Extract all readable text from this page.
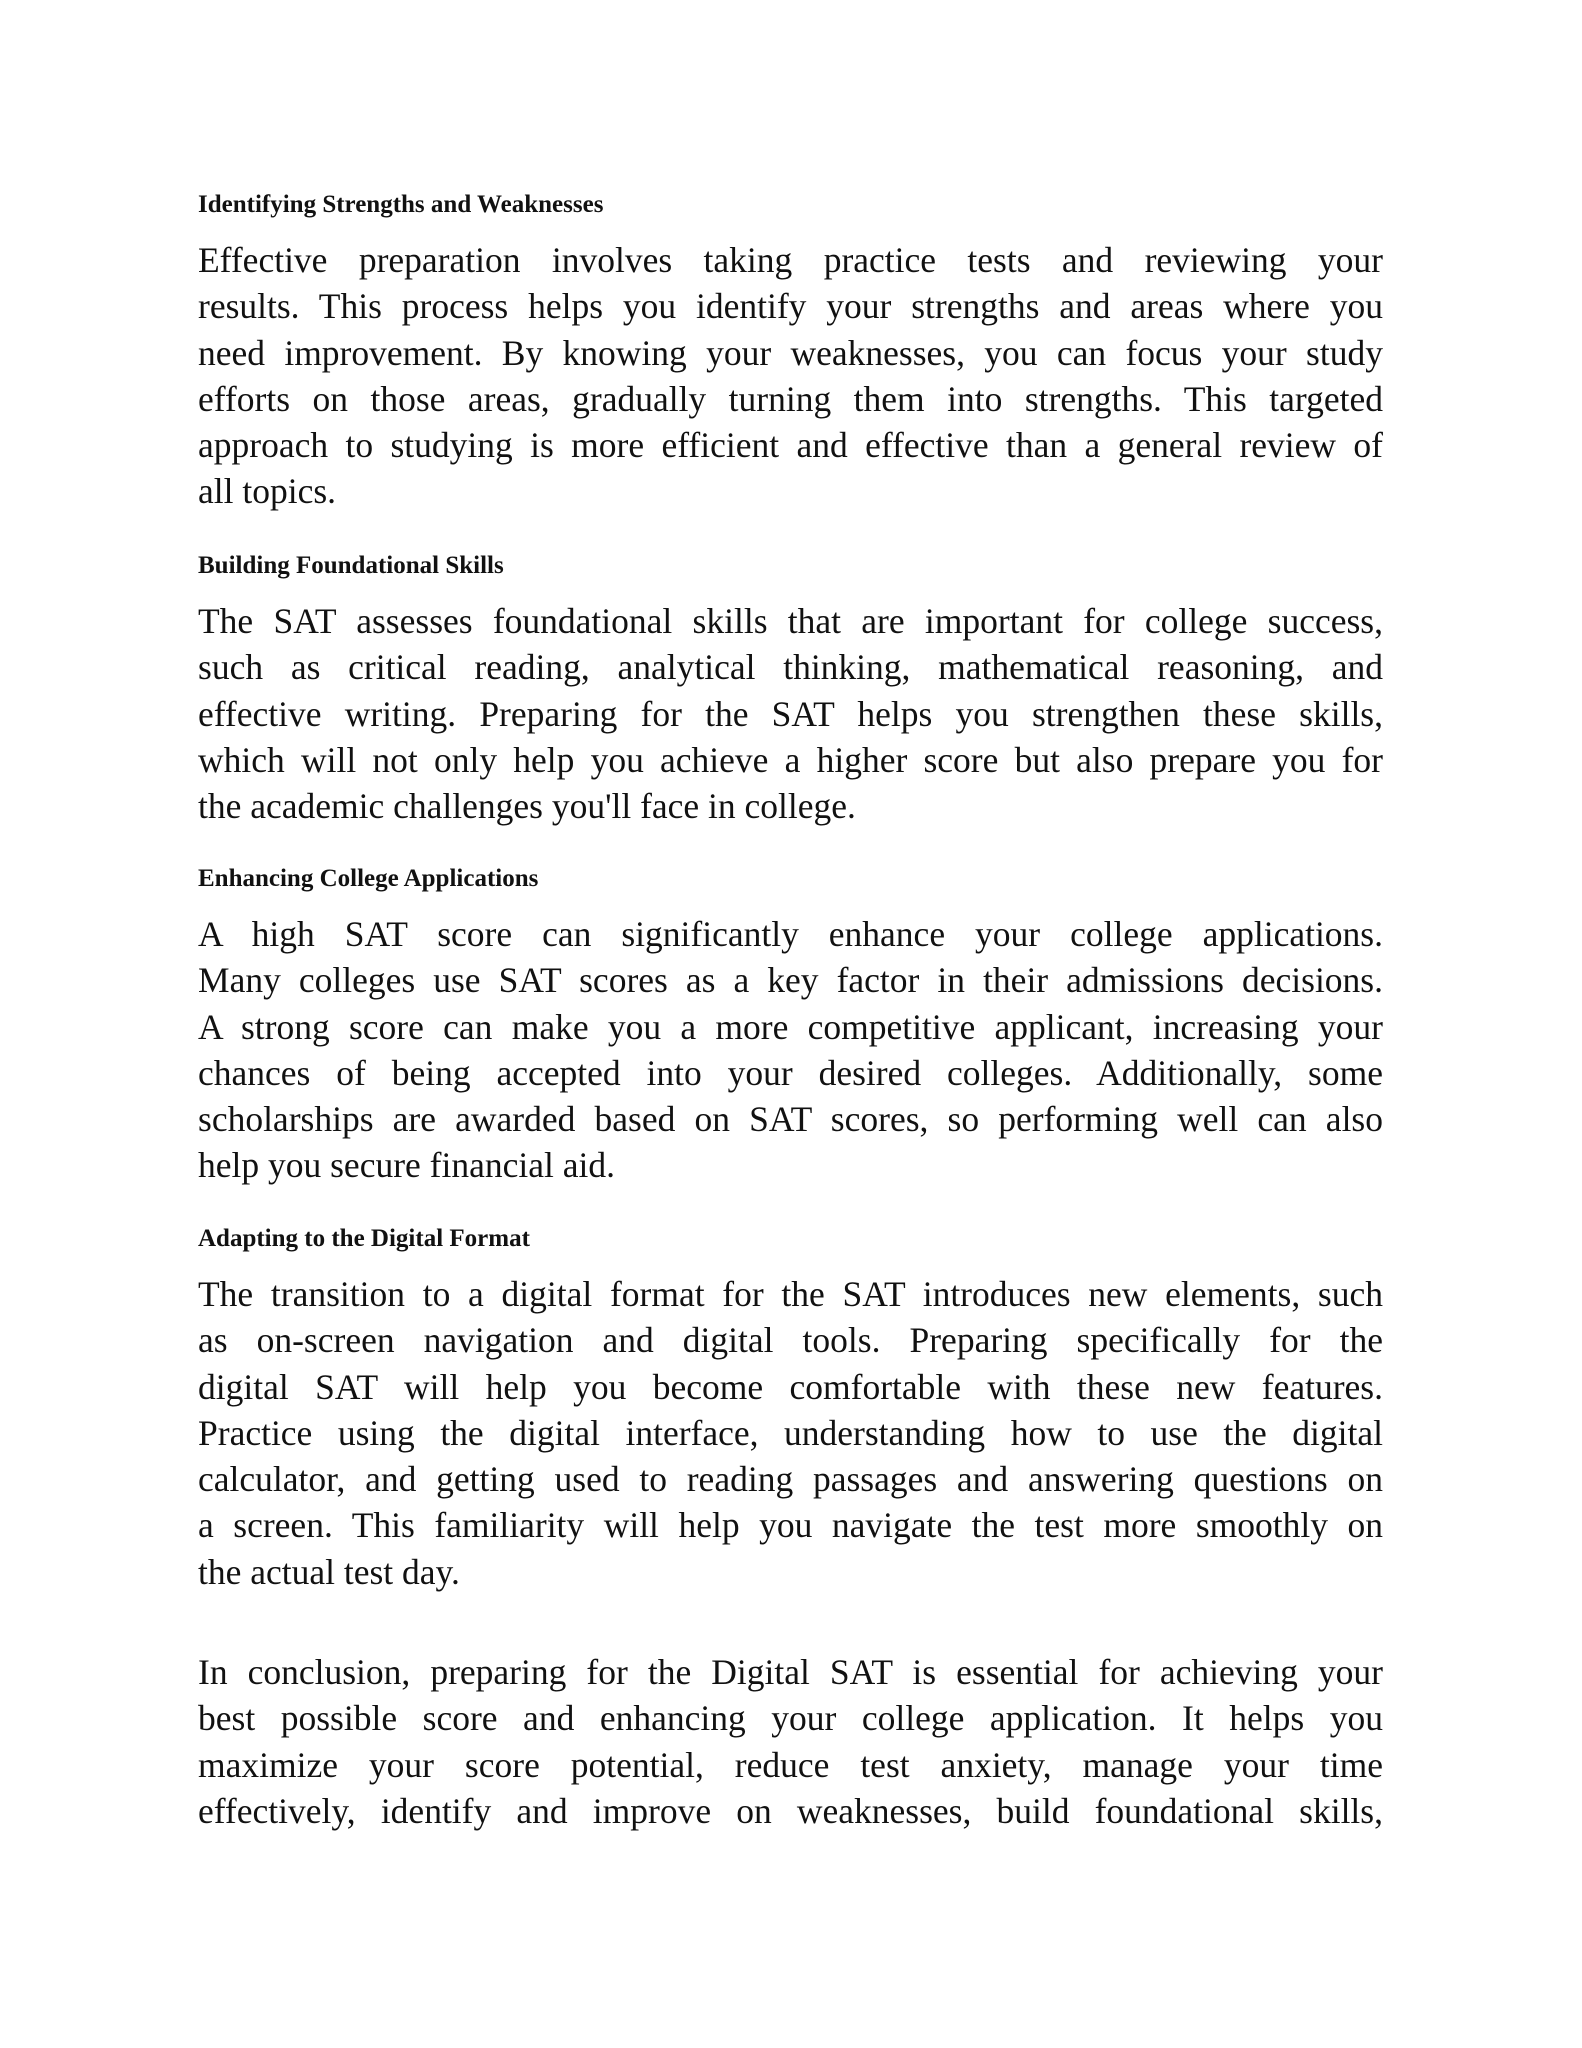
Identifying Strengths and Weaknesses
Effective preparation involves taking practice tests and reviewing your
results. This process helps you identify your strengths and areas where you
need improvement. By knowing your weaknesses, you can focus your study
efforts on those areas, gradually turning them into strengths. This targeted
approach to studying is more efficient and effective than a general review of
all topics.
Building Foundational Skills
The SAT assesses foundational skills that are important for college success,
such as critical reading, analytical thinking, mathematical reasoning, and
effective writing. Preparing for the SAT helps you strengthen these skills,
which will not only help you achieve a higher score but also prepare you for
the academic challenges you'll face in college.
Enhancing College Applications
A high SAT score can significantly enhance your college applications.
Many colleges use SAT scores as a key factor in their admissions decisions.
A strong score can make you a more competitive applicant, increasing your
chances of being accepted into your desired colleges. Additionally, some
scholarships are awarded based on SAT scores, so performing well can also
help you secure financial aid.
Adapting to the Digital Format
The transition to a digital format for the SAT introduces new elements, such
as on-screen navigation and digital tools. Preparing specifically for the
digital SAT will help you become comfortable with these new features.
Practice using the digital interface, understanding how to use the digital
calculator, and getting used to reading passages and answering questions on
a screen. This familiarity will help you navigate the test more smoothly on
the actual test day.
In conclusion, preparing for the Digital SAT is essential for achieving your
best possible score and enhancing your college application. It helps you
maximize your score potential, reduce test anxiety, manage your time
effectively, identify and improve on weaknesses, build foundational skills,
